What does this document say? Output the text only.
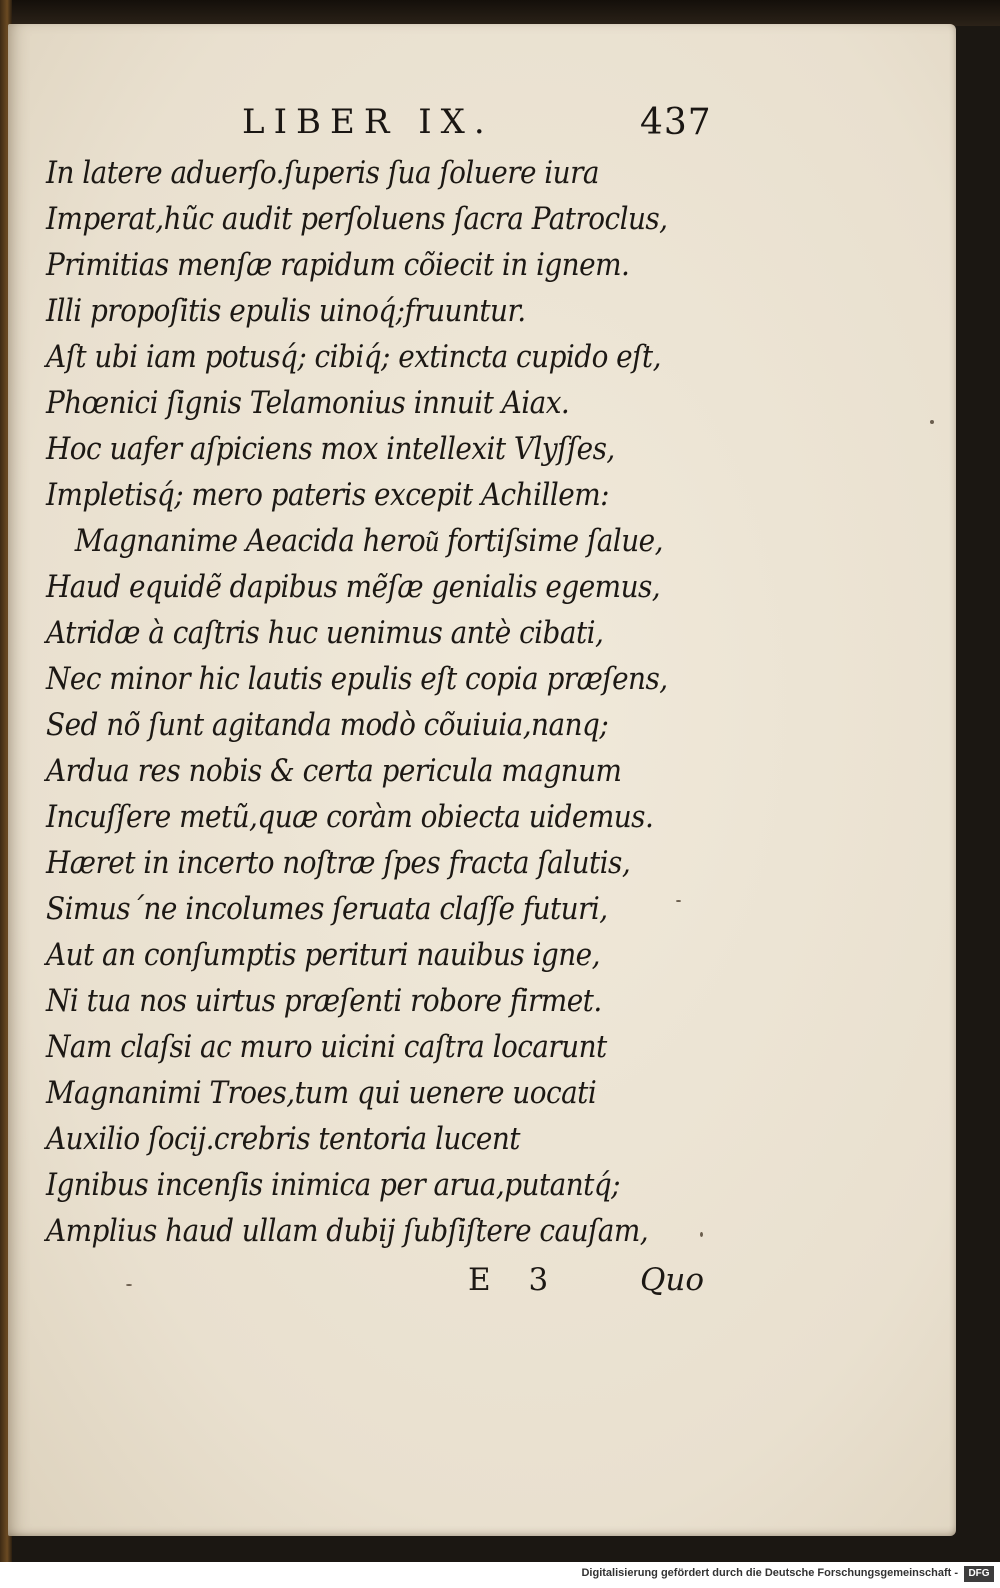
LIBER IX.	437
In latere aduerſo.ſuperis ſua ſoluere iura
Imperat,hũc audit perſoluens ſacra Patroclus,
Primitias menſæ rapidum cõiecit in ignem.
Illi propoſitis epulis uinoq́;fruuntur.
Aſt ubi iam potusq́; cibiq́; extincta cupido eſt,
Phœnici ſignis Telamonius innuit Aiax.
Hoc uafer aſpiciens mox intellexit Vlyſſes,
Impletisq́; mero pateris excepit Achillem:
Magnanime Aeacida herou͂ fortiſsime ſalue,
Haud equidẽ dapibus mẽſæ genialis egemus,
Atridæ à caſtris huc uenimus antè cibati,
Nec minor hic lautis epulis eſt copia præſens,
Sed nõ ſunt agitanda modò cõuiuia,nanq;
Ardua res nobis & certa pericula magnum
Incuſſere metũ,quæ coràm obiecta uidemus.
Hæret in incerto noſtræ ſpes fracta ſalutis,
Simus´ne incolumes ſeruata claſſe futuri,
Aut an conſumptis perituri nauibus igne,
Ni tua nos uirtus præſenti robore firmet.
Nam claſsi ac muro uicini caſtra locarunt
Magnanimi Troes,tum qui uenere uocati
Auxilio ſocij.crebris tentoria lucent
Ignibus incenſis inimica per arua,putantq́;
Amplius haud ullam dubij ſubſiſtere cauſam,
E 3	Quo
Digitalisierung gefördert durch die Deutsche Forschungsgemeinschaft -	DFG
